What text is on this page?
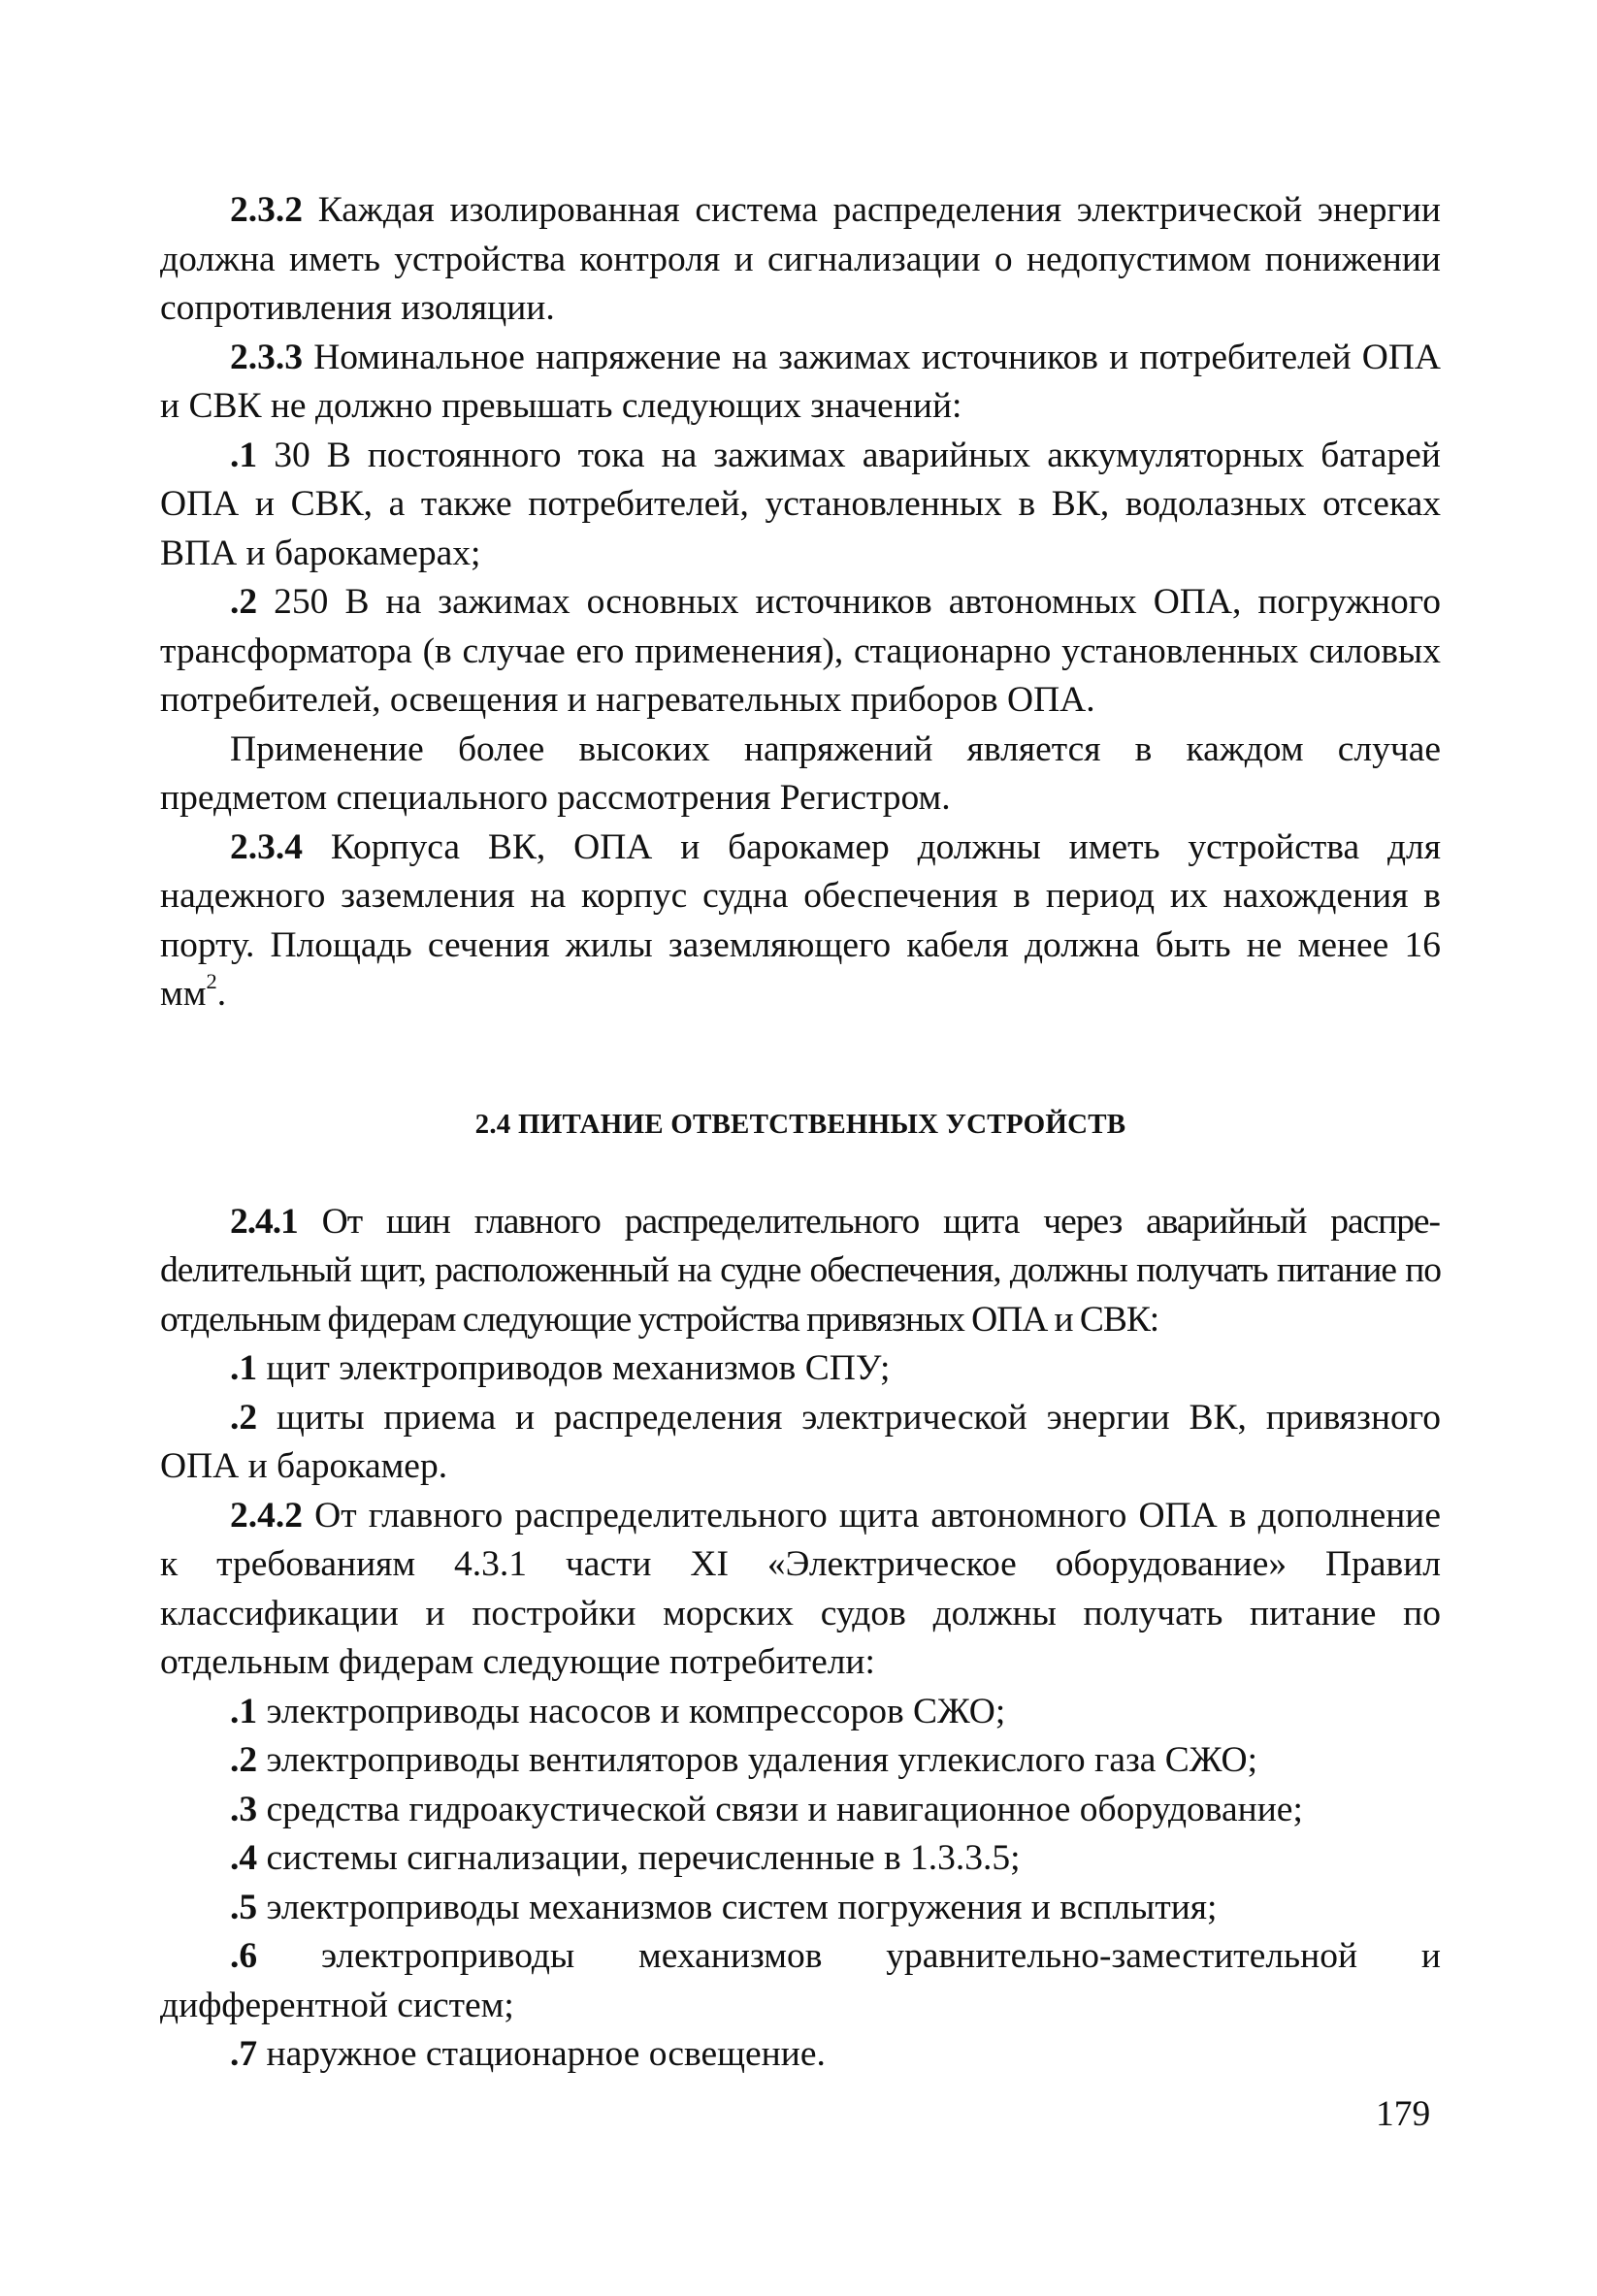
2.3.2 Каждая изолированная система распределения электрической энергии должна иметь устройства контроля и сигнализации о недопустимом понижении сопротивления изоляции.

2.3.3 Номинальное напряжение на зажимах источников и потребителей ОПА и СВК не должно превышать следующих значений:

.1 30 В постоянного тока на зажимах аварийных аккумуляторных батарей ОПА и СВК, а также потребителей, установленных в ВК, водолазных отсеках ВПА и барокамерах;

.2 250 В на зажимах основных источников автономных ОПА, погружного трансформатора (в случае его применения), стационарно установленных силовых потребителей, освещения и нагревательных приборов ОПА.

Применение более высоких напряжений является в каждом случае предметом специального рассмотрения Регистром.

2.3.4 Корпуса ВК, ОПА и барокамер должны иметь устройства для надежного заземления на корпус судна обеспечения в период их нахождения в порту. Площадь сечения жилы заземляющего кабеля должна быть не менее 16 $мм^2$.

2.4 ПИТАНИЕ ОТВЕТСТВЕННЫХ УСТРОЙСТВ

2.4.1 От шин главного распределительного щита через аварийный распреdелительный щит, расположенный на судне обеспечения, должны получать питание по отдельным фидерам следующие устройства привязных ОПА и СВК:

.1 щит электроприводов механизмов СПУ;

.2 щиты приема и распределения электрической энергии ВК, привязного ОПА и барокамер.

2.4.2 От главного распределительного щита автономного ОПА в дополнение к требованиям 4.3.1 части XI «Электрическое оборудование» Правил классификации и постройки морских судов должны получать питание по отдельным фидерам следующие потребители:

.1 электроприводы насосов и компрессоров СЖО;

.2 электроприводы вентиляторов удаления углекислого газа СЖО;

.3 средства гидроакустической связи и навигационное оборудование;

.4 системы сигнализации, перечисленные в 1.3.3.5;

.5 электроприводы механизмов систем погружения и всплытия;

.6 электроприводы механизмов уравнительно-заместительной и дифферентной систем;

.7 наружное стационарное освещение.

179
